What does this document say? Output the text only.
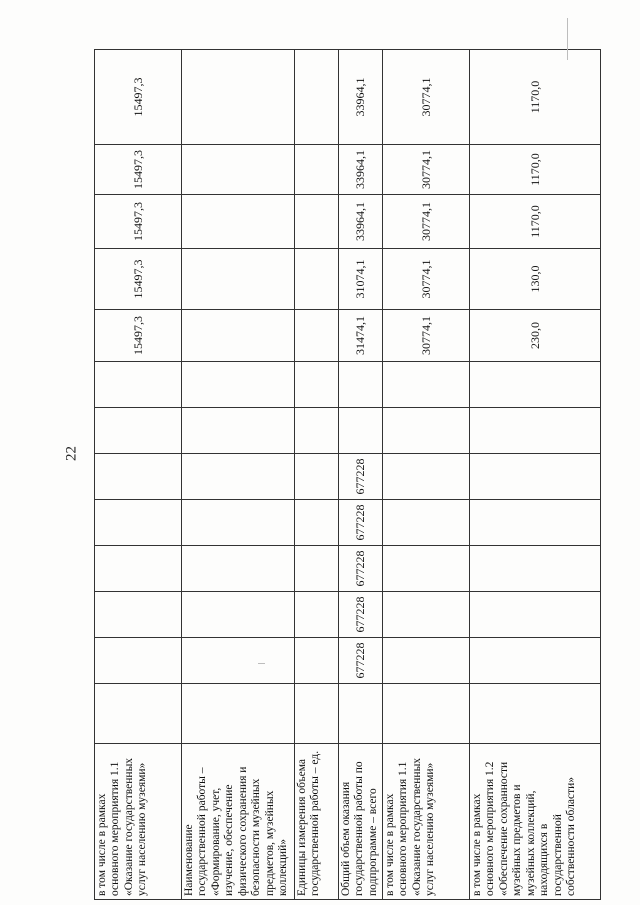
22
в том числе в рамках основного мероприятия 1.1 «Оказание государственных услуг населению музеями»									15497,3	15497,3	15497,3	15497,3	15497,3
Наименование государственной работы – «Формирование, учет, изучение, обеспечение физического сохранения и безопасности музейных предметов, музейных коллекций»													
Единицы измерения объема государственной работы – ед.													
Общий объем оказания государственной работы по подпрограмме – всего		677228	677228	677228	677228	677228			31474,1	31074,1	33964,1	33964,1	33964,1
в том числе в рамках основного мероприятия 1.1 «Оказание государственных услуг населению музеями»									30774,1	30774,1	30774,1	30774,1	30774,1
в том числе в рамках основного мероприятия 1.2 «Обеспечение сохранности музейных предметов и музейных коллекций, находящихся в государственной собственности области»									230,0	130,0	1170,0	1170,0	1170,0
